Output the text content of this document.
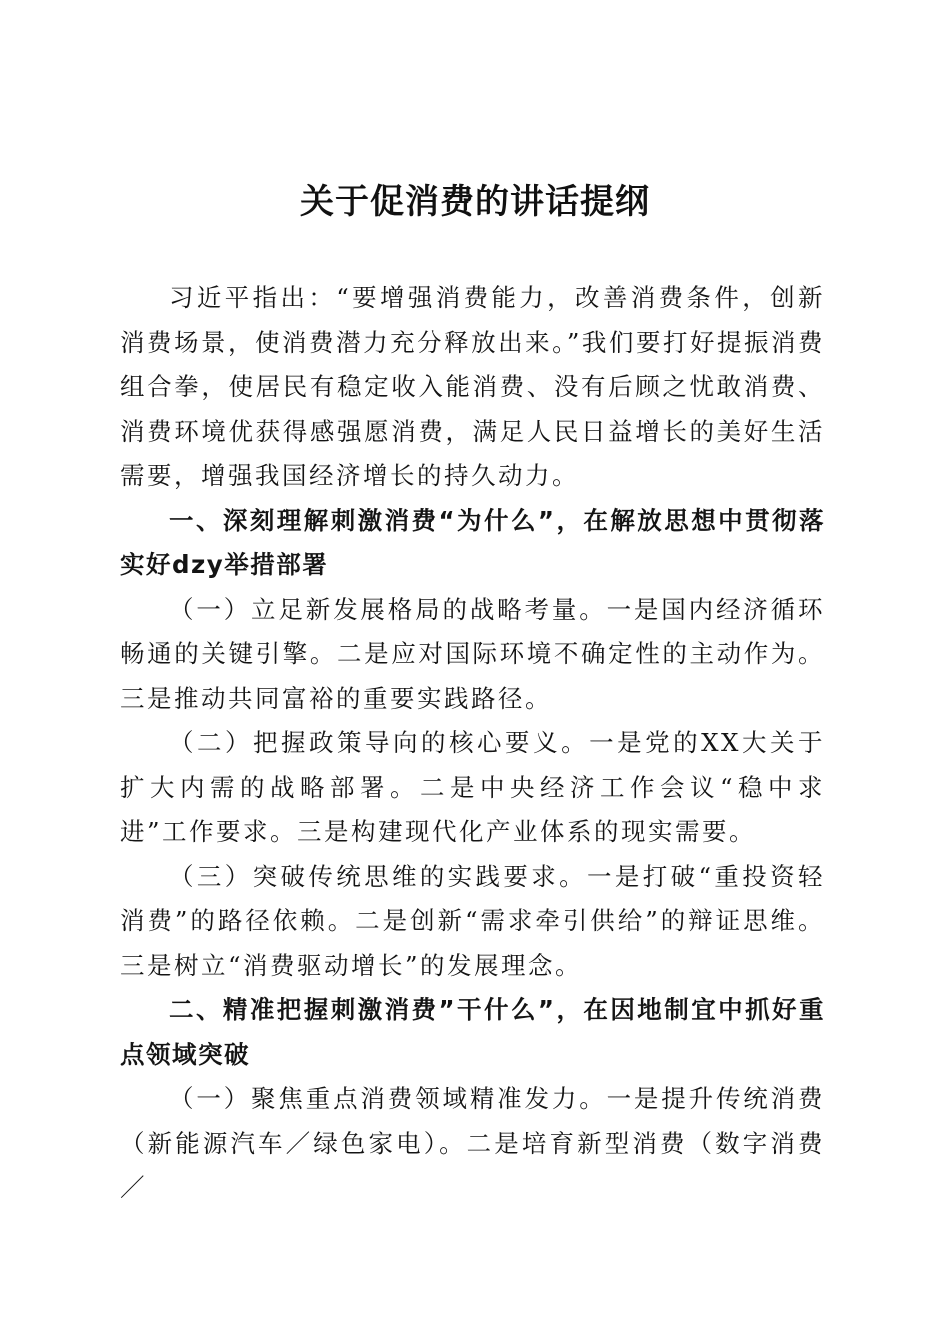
关于促消费的讲话提纲

习近平指出：“要增强消费能力，改善消费条件，创新消费场景，使消费潜力充分释放出来。”我们要打好提振消费组合拳，使居民有稳定收入能消费、没有后顾之忧敢消费、消费环境优获得感强愿消费，满足人民日益增长的美好生活需要，增强我国经济增长的持久动力。

一、深刻理解刺激消费“为什么”，在解放思想中贯彻落实好dzy举措部署

（一）立足新发展格局的战略考量。一是国内经济循环畅通的关键引擎。二是应对国际环境不确定性的主动作为。三是推动共同富裕的重要实践路径。

（二）把握政策导向的核心要义。一是党的XX大关于扩大内需的战略部署。二是中央经济工作会议“稳中求进”工作要求。三是构建现代化产业体系的现实需要。

（三）突破传统思维的实践要求。一是打破“重投资轻消费”的路径依赖。二是创新“需求牵引供给”的辩证思维。三是树立“消费驱动增长”的发展理念。

二、精准把握刺激消费”干什么”，在因地制宜中抓好重点领域突破

（一）聚焦重点消费领域精准发力。一是提升传统消费（新能源汽车／绿色家电）。二是培育新型消费（数字消费／
